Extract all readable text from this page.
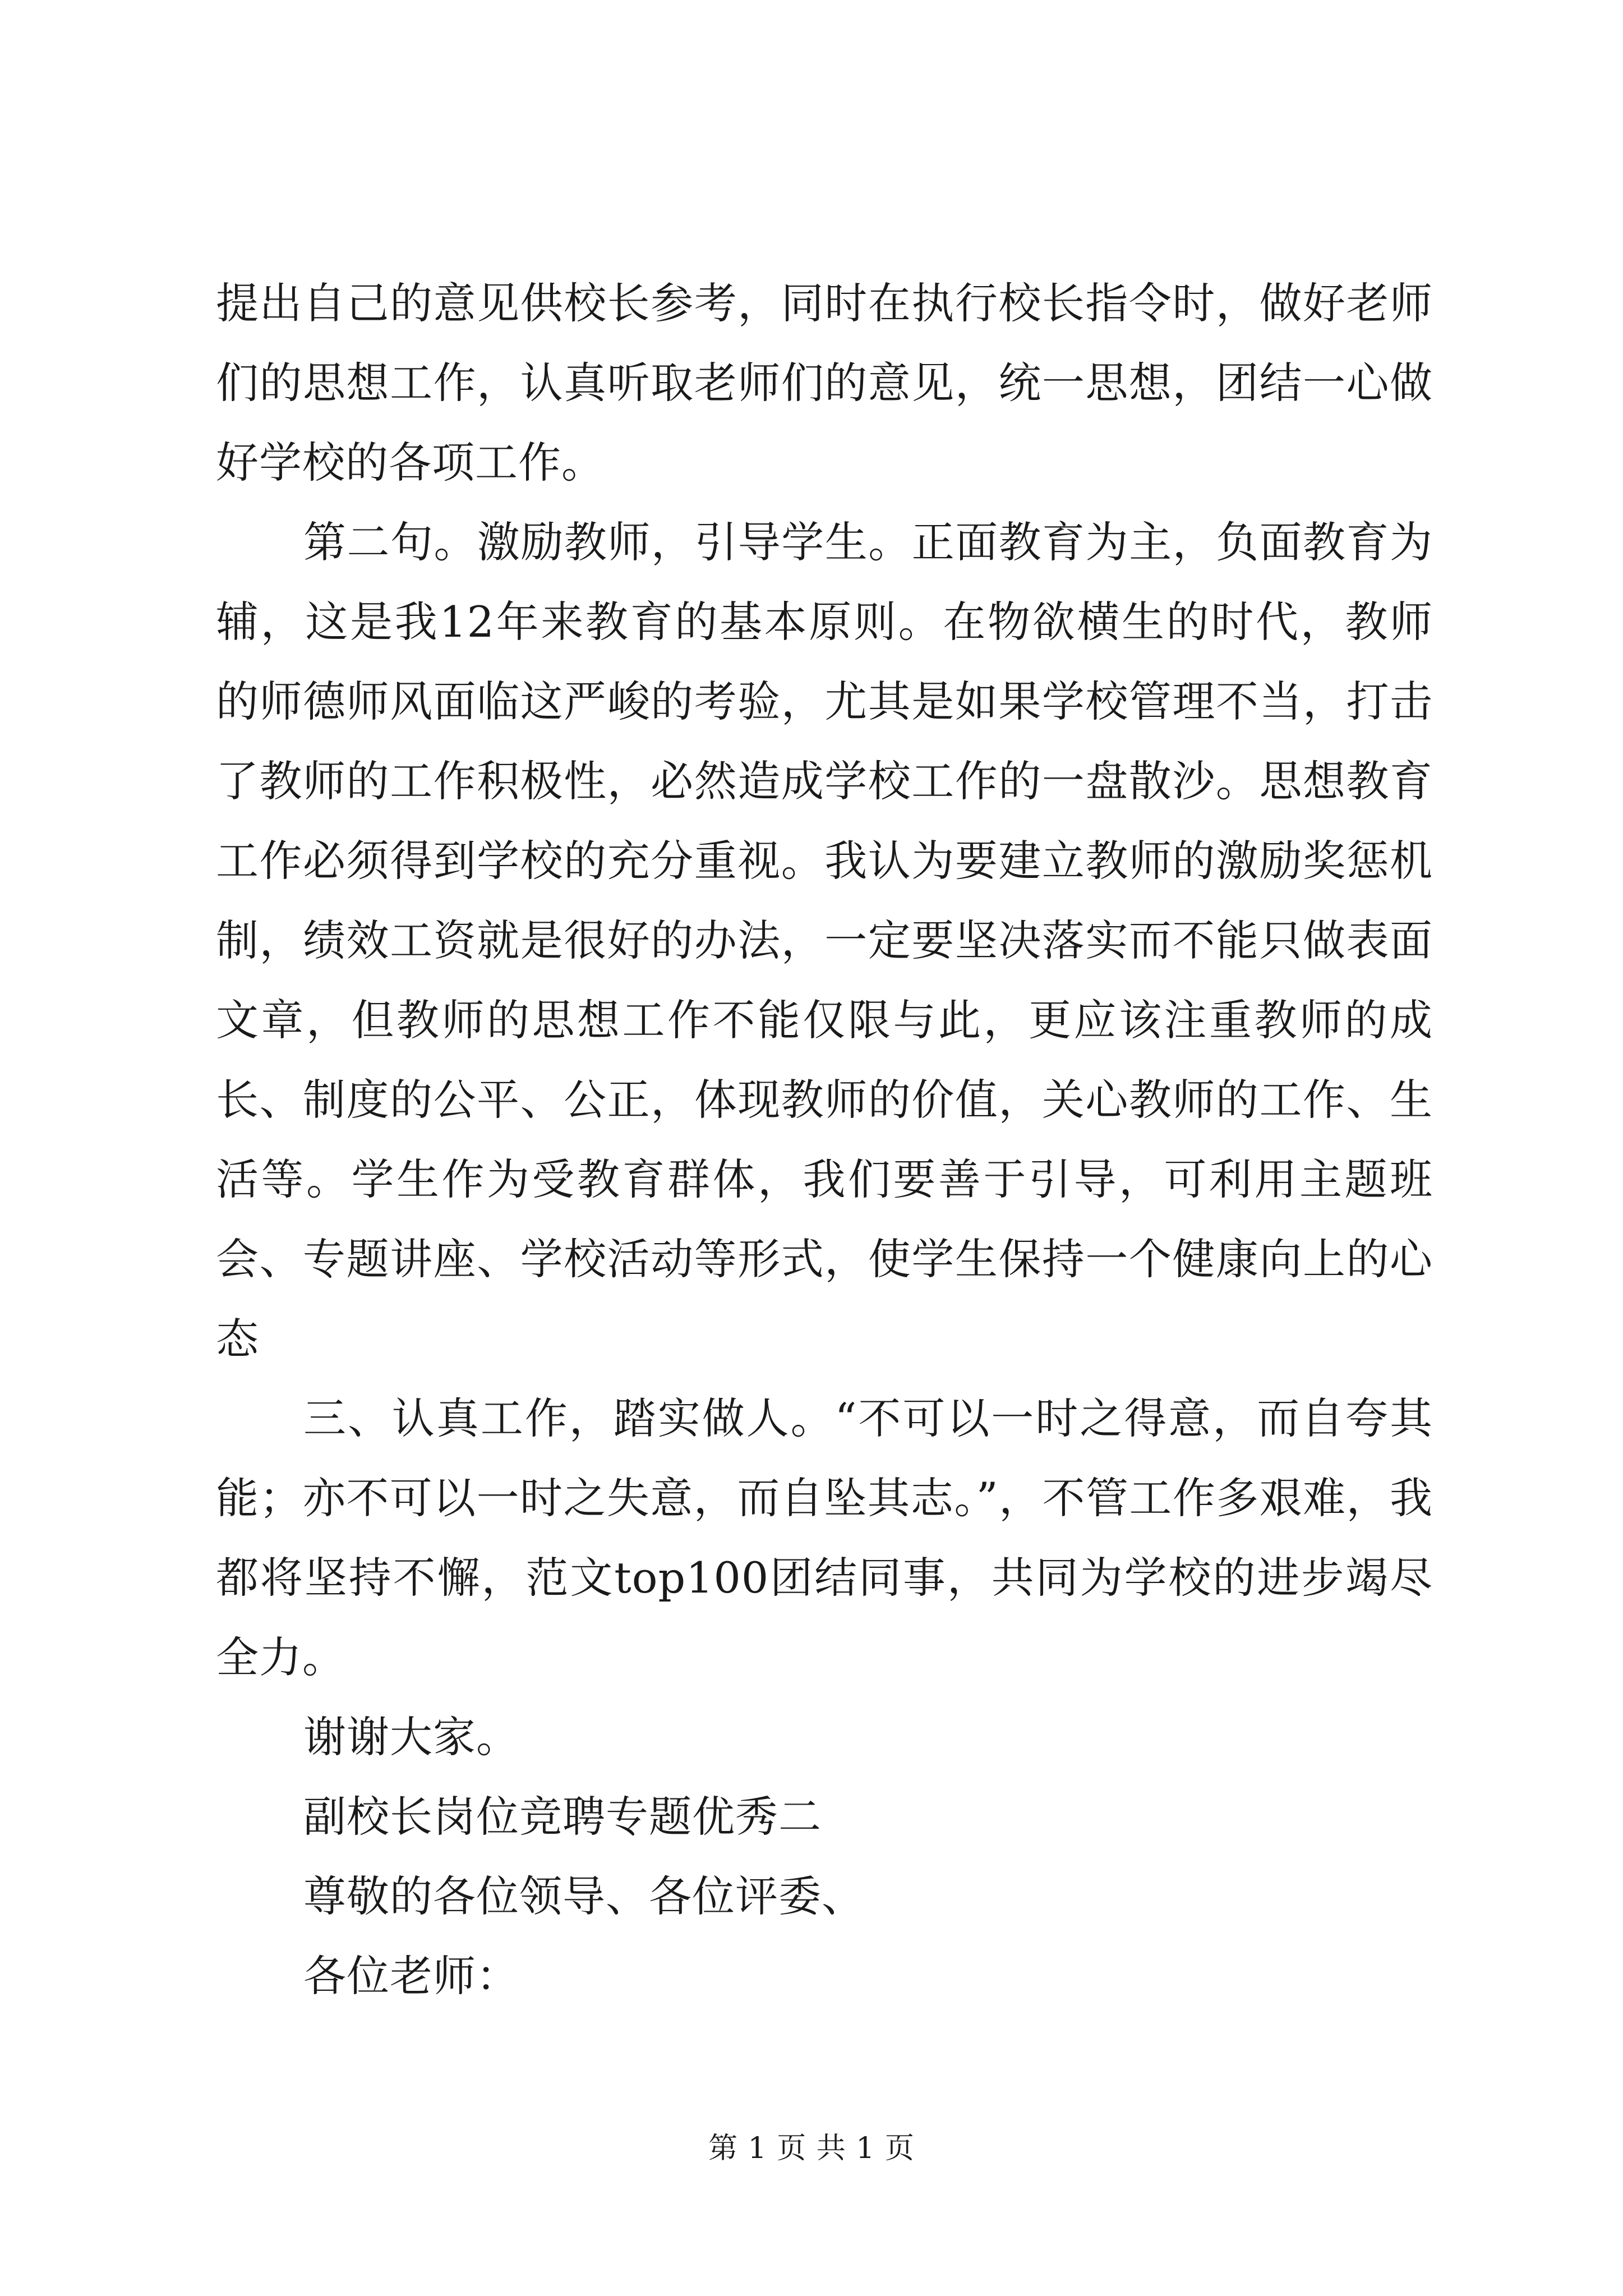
提出自己的意见供校长参考，同时在执行校长指令时，做好老师们的思想工作，认真听取老师们的意见，统一思想，团结一心做好学校的各项工作。

第二句。激励教师，引导学生。正面教育为主，负面教育为辅，这是我12年来教育的基本原则。在物欲横生的时代，教师的师德师风面临这严峻的考验，尤其是如果学校管理不当，打击了教师的工作积极性，必然造成学校工作的一盘散沙。思想教育工作必须得到学校的充分重视。我认为要建立教师的激励奖惩机制，绩效工资就是很好的办法，一定要坚决落实而不能只做表面文章，但教师的思想工作不能仅限与此，更应该注重教师的成长、制度的公平、公正，体现教师的价值，关心教师的工作、生活等。学生作为受教育群体，我们要善于引导，可利用主题班会、专题讲座、学校活动等形式，使学生保持一个健康向上的心态

三、认真工作，踏实做人。“不可以一时之得意，而自夸其能；亦不可以一时之失意，而自坠其志。”，不管工作多艰难，我都将坚持不懈，范文top100团结同事，共同为学校的进步竭尽全力。

谢谢大家。

副校长岗位竞聘专题优秀二

尊敬的各位领导、各位评委、

各位老师：

第 1 页 共 1 页
